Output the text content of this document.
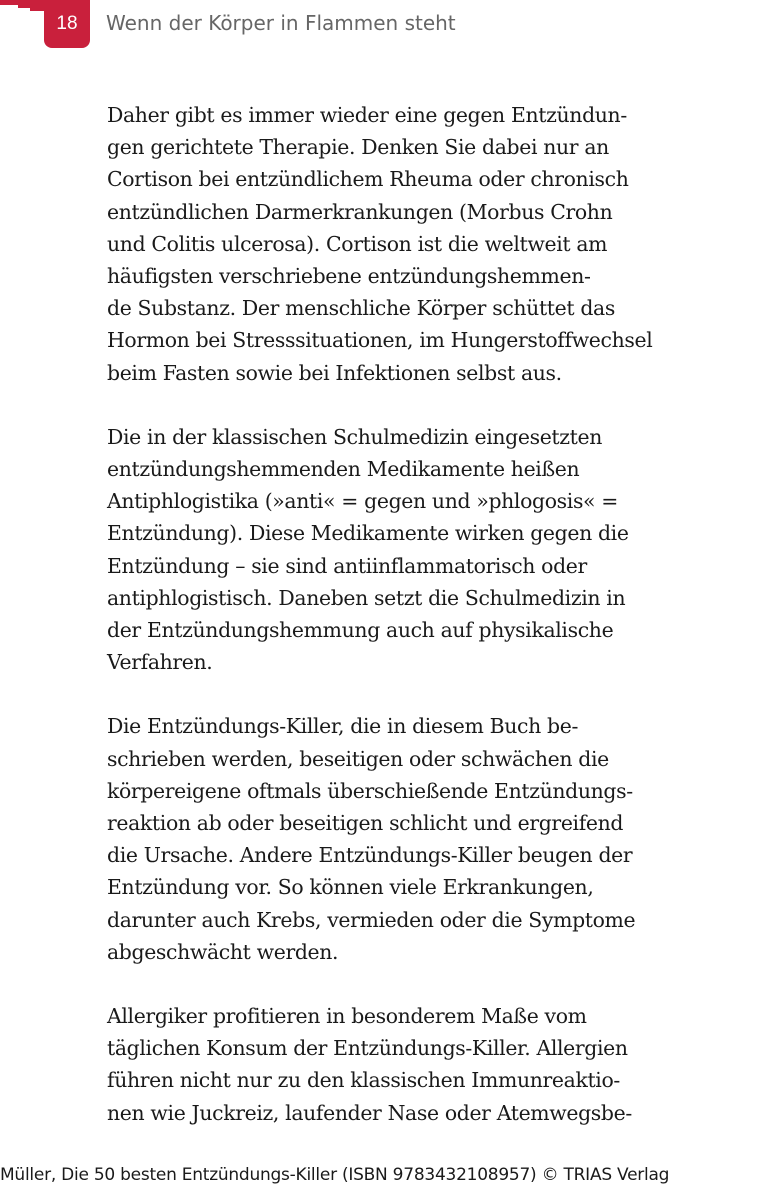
18	Wenn der Körper in Flammen steht

Daher gibt es immer wieder eine gegen Entzündun-
gen gerichtete Therapie. Denken Sie dabei nur an
Cortison bei entzündlichem Rheuma oder chronisch
entzündlichen Darmerkrankungen (Morbus Crohn
und Colitis ulcerosa). Cortison ist die weltweit am
häufigsten verschriebene entzündungshemmen-
de Substanz. Der menschliche Körper schüttet das
Hormon bei Stresssituationen, im Hungerstoffwechsel
beim Fasten sowie bei Infektionen selbst aus.

Die in der klassischen Schulmedizin eingesetzten
entzündungshemmenden Medikamente heißen
Antiphlogistika (»anti« = gegen und »phlogosis« =
Entzündung). Diese Medikamente wirken gegen die
Entzündung – sie sind antiinflammatorisch oder
antiphlogistisch. Daneben setzt die Schulmedizin in
der Entzündungshemmung auch auf physikalische
Verfahren.

Die Entzündungs-Killer, die in diesem Buch be-
schrieben werden, beseitigen oder schwächen die
körpereigene oftmals überschießende Entzündungs-
reaktion ab oder beseitigen schlicht und ergreifend
die Ursache. Andere Entzündungs-Killer beugen der
Entzündung vor. So können viele Erkrankungen,
darunter auch Krebs, vermieden oder die Symptome
abgeschwächt werden.

Allergiker profitieren in besonderem Maße vom
täglichen Konsum der Entzündungs-Killer. Allergien
führen nicht nur zu den klassischen Immunreaktio-
nen wie Juckreiz, laufender Nase oder Atemwegsbe-

Müller, Die 50 besten Entzündungs-Killer (ISBN 9783432108957) © TRIAS Verlag
